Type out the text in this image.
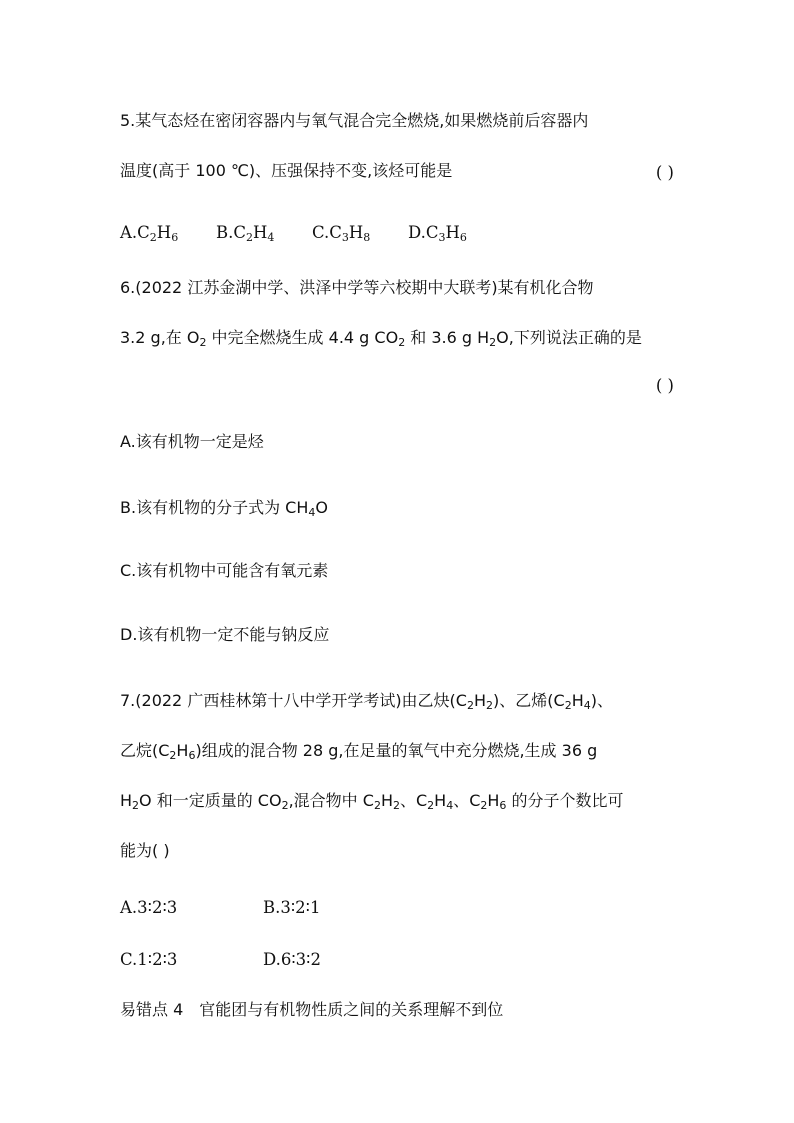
5.某气态烃在密闭容器内与氧气混合完全燃烧,如果燃烧前后容器内
温度(高于 100 ℃)、压强保持不变,该烃可能是	( )
$A.C_2H_6$ $B.C_2H_4$ $C.C_3H_8$ $D.C_3H_6$
6.(2022 江苏金湖中学、洪泽中学等六校期中大联考)某有机化合物
3.2 g,在 $O_2$ 中完全燃烧生成 4.4 g $CO_2$ 和 3.6 g $H_2O$,下列说法正确的是
( )
A.该有机物一定是烃
B.该有机物的分子式为 $CH_4O$
C.该有机物中可能含有氧元素
D.该有机物一定不能与钠反应
7.(2022 广西桂林第十八中学开学考试)由乙炔$(C_2H_2)$、乙烯$(C_2H_4)$、
乙烷$(C_2H_6)$组成的混合物 28 g,在足量的氧气中充分燃烧,生成 36 g
$H_2O$ 和一定质量的 $CO_2$,混合物中 $C_2H_2$、$C_2H_4$、$C_2H_6$ 的分子个数比可
能为( )
A.3∶2∶3	B.3∶2∶1
C.1∶2∶3	D.6∶3∶2
易错点 4　官能团与有机物性质之间的关系理解不到位
